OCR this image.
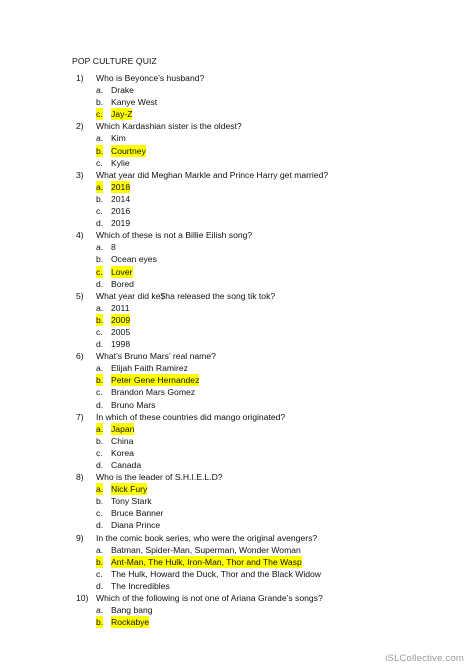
POP CULTURE QUIZ
1) Who is Beyonce’s husband?
a. Drake
b. Kanye West
c. Jay-Z
2) Which Kardashian sister is the oldest?
a. Kim
b. Courtney
c. Kylie
3) What year did Meghan Markle and Prince Harry get married?
a. 2018
b. 2014
c. 2016
d. 2019
4) Which of these is not a Billie Eilish song?
a. 8
b. Ocean eyes
c. Lover
d. Bored
5) What year did ke$ha released the song tik tok?
a. 2011
b. 2009
c. 2005
d. 1998
6) What’s Bruno Mars’ real name?
a. Elijah Faith Ramirez
b. Peter Gene Hernandez
c. Brandon Mars Gomez
d. Bruno Mars
7) In which of these countries did mango originated?
a. Japan
b. China
c. Korea
d. Canada
8) Who is the leader of S.H.I.E.L.D?
a. Nick Fury
b. Tony Stark
c. Bruce Banner
d. Diana Prince
9) In the comic book series, who were the original avengers?
a. Batman, Spider-Man, Superman, Wonder Woman
b. Ant-Man, The Hulk, Iron-Man, Thor and The Wasp
c. The Hulk, Howard the Duck, Thor and the Black Widow
d. The Incredibles
10) Which of the following is not one of Ariana Grande’s songs?
a. Bang bang
b. Rockabye
iSLCollective.com
